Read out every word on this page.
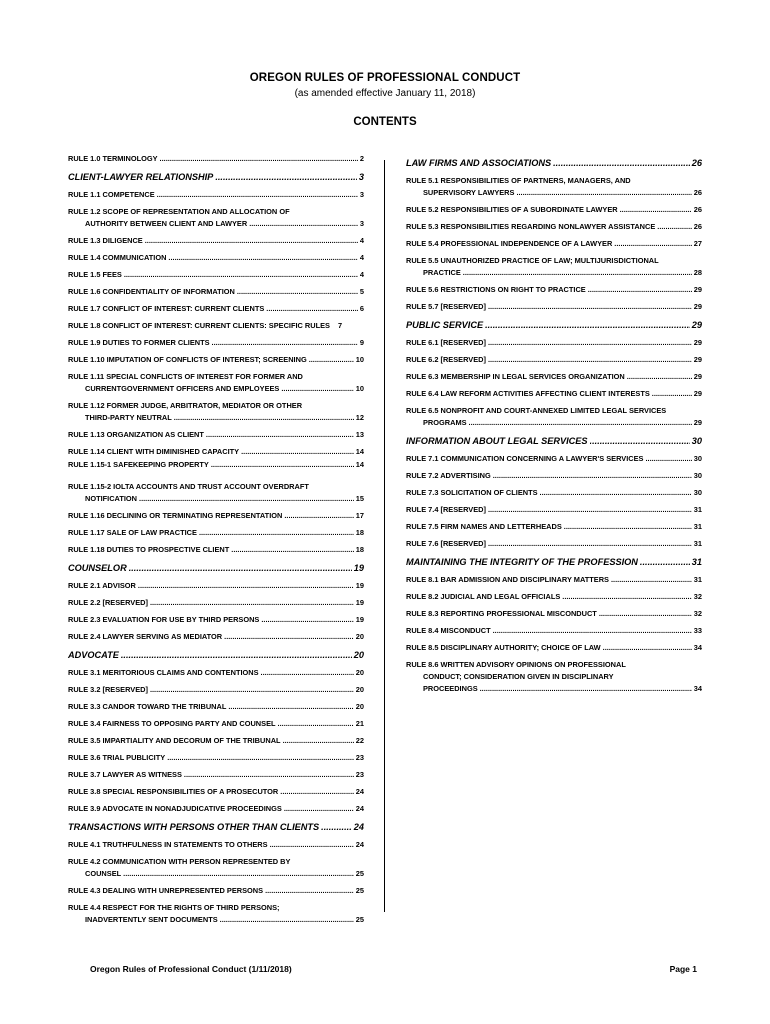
OREGON RULES OF PROFESSIONAL CONDUCT
(as amended effective January 11, 2018)
CONTENTS
RULE 1.0 TERMINOLOGY .....	2
CLIENT-LAWYER RELATIONSHIP .....	3
RULE 1.1 COMPETENCE .....	3
RULE 1.2 SCOPE OF REPRESENTATION AND ALLOCATION OF
AUTHORITY BETWEEN CLIENT AND LAWYER .....	3
RULE 1.3 DILIGENCE .....	4
RULE 1.4 COMMUNICATION .....	4
RULE 1.5 FEES .....	4
RULE 1.6 CONFIDENTIALITY OF INFORMATION .....	5
RULE 1.7 CONFLICT OF INTEREST: CURRENT CLIENTS .....	6
RULE 1.8 CONFLICT OF INTEREST: CURRENT CLIENTS: SPECIFIC RULES 7
RULE 1.9 DUTIES TO FORMER CLIENTS .....	9
RULE 1.10 IMPUTATION OF CONFLICTS OF INTEREST; SCREENING .....	10
RULE 1.11 SPECIAL CONFLICTS OF INTEREST FOR FORMER AND
CURRENTGOVERNMENT OFFICERS AND EMPLOYEES .....	10
RULE 1.12 FORMER JUDGE, ARBITRATOR, MEDIATOR OR OTHER
THIRD-PARTY NEUTRAL .....	12
RULE 1.13 ORGANIZATION AS CLIENT .....	13
RULE 1.14 CLIENT WITH DIMINISHED CAPACITY .....	14
RULE 1.15-1 SAFEKEEPING PROPERTY .....	14
RULE 1.15-2 IOLTA ACCOUNTS AND TRUST ACCOUNT OVERDRAFT
NOTIFICATION .....	15
RULE 1.16 DECLINING OR TERMINATING REPRESENTATION .....	17
RULE 1.17 SALE OF LAW PRACTICE .....	18
RULE 1.18 DUTIES TO PROSPECTIVE CLIENT .....	18
COUNSELOR .....	19
RULE 2.1 ADVISOR .....	19
RULE 2.2 [RESERVED] .....	19
RULE 2.3 EVALUATION FOR USE BY THIRD PERSONS .....	19
RULE 2.4 LAWYER SERVING AS MEDIATOR .....	20
ADVOCATE .....	20
RULE 3.1 MERITORIOUS CLAIMS AND CONTENTIONS .....	20
RULE 3.2 [RESERVED] .....	20
RULE 3.3 CANDOR TOWARD THE TRIBUNAL .....	20
RULE 3.4 FAIRNESS TO OPPOSING PARTY AND COUNSEL .....	21
RULE 3.5 IMPARTIALITY AND DECORUM OF THE TRIBUNAL .....	22
RULE 3.6 TRIAL PUBLICITY .....	23
RULE 3.7 LAWYER AS WITNESS .....	23
RULE 3.8 SPECIAL RESPONSIBILITIES OF A PROSECUTOR .....	24
RULE 3.9 ADVOCATE IN NONADJUDICATIVE PROCEEDINGS .....	24
TRANSACTIONS WITH PERSONS OTHER THAN CLIENTS .....	24
RULE 4.1 TRUTHFULNESS IN STATEMENTS TO OTHERS .....	24
RULE 4.2 COMMUNICATION WITH PERSON REPRESENTED BY
COUNSEL .....	25
RULE 4.3 DEALING WITH UNREPRESENTED PERSONS .....	25
RULE 4.4 RESPECT FOR THE RIGHTS OF THIRD PERSONS;
INADVERTENTLY SENT DOCUMENTS .....	25
LAW FIRMS AND ASSOCIATIONS .....	26
RULE 5.1 RESPONSIBILITIES OF PARTNERS, MANAGERS, AND
SUPERVISORY LAWYERS .....	26
RULE 5.2 RESPONSIBILITIES OF A SUBORDINATE LAWYER .....	26
RULE 5.3 RESPONSIBILITIES REGARDING NONLAWYER ASSISTANCE .....	26
RULE 5.4 PROFESSIONAL INDEPENDENCE OF A LAWYER .....	27
RULE 5.5 UNAUTHORIZED PRACTICE OF LAW; MULTIJURISDICTIONAL
PRACTICE .....	28
RULE 5.6 RESTRICTIONS ON RIGHT TO PRACTICE .....	29
RULE 5.7 [RESERVED] .....	29
PUBLIC SERVICE .....	29
RULE 6.1 [RESERVED] .....	29
RULE 6.2 [RESERVED] .....	29
RULE 6.3 MEMBERSHIP IN LEGAL SERVICES ORGANIZATION .....	29
RULE 6.4 LAW REFORM ACTIVITIES AFFECTING CLIENT INTERESTS .....	29
RULE 6.5 NONPROFIT AND COURT-ANNEXED LIMITED LEGAL SERVICES
PROGRAMS .....	29
INFORMATION ABOUT LEGAL SERVICES .....	30
RULE 7.1 COMMUNICATION CONCERNING A LAWYER'S SERVICES .....	30
RULE 7.2 ADVERTISING .....	30
RULE 7.3 SOLICITATION OF CLIENTS .....	30
RULE 7.4 [RESERVED] .....	31
RULE 7.5 FIRM NAMES AND LETTERHEADS .....	31
RULE 7.6 [RESERVED] .....	31
MAINTAINING THE INTEGRITY OF THE PROFESSION .....	31
RULE 8.1 BAR ADMISSION AND DISCIPLINARY MATTERS .....	31
RULE 8.2 JUDICIAL AND LEGAL OFFICIALS .....	32
RULE 8.3 REPORTING PROFESSIONAL MISCONDUCT .....	32
RULE 8.4 MISCONDUCT .....	33
RULE 8.5 DISCIPLINARY AUTHORITY; CHOICE OF LAW .....	34
RULE 8.6 WRITTEN ADVISORY OPINIONS ON PROFESSIONAL
CONDUCT; CONSIDERATION GIVEN IN DISCIPLINARY
PROCEEDINGS .....	34
Oregon Rules of Professional Conduct (1/11/2018)	Page 1
